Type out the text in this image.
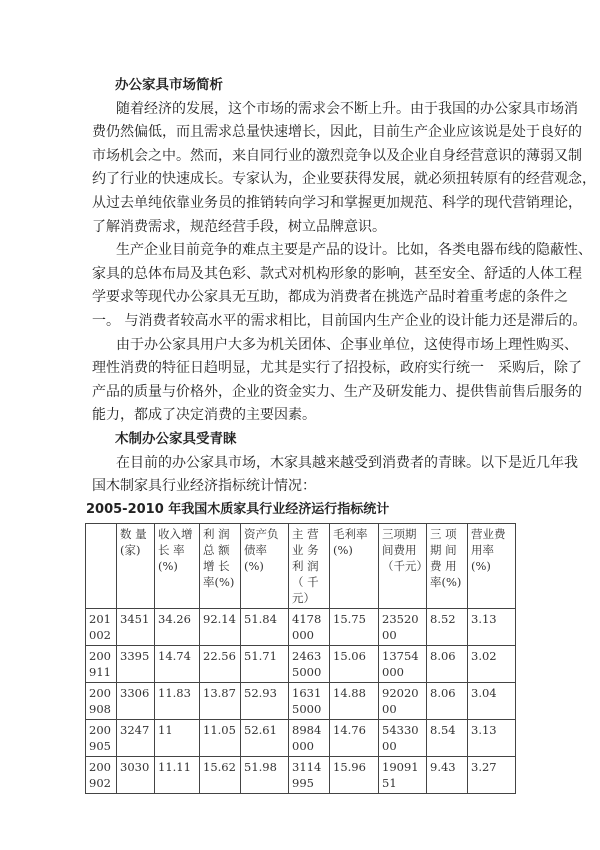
办公家具市场简析
随着经济的发展，这个市场的需求会不断上升。由于我国的办公家具市场消
费仍然偏低，而且需求总量快速增长，因此，目前生产企业应该说是处于良好的
市场机会之中。然而，来自同行业的激烈竞争以及企业自身经营意识的薄弱又制
约了行业的快速成长。专家认为，企业要获得发展，就必须扭转原有的经营观念，
从过去单纯依靠业务员的推销转向学习和掌握更加规范、科学的现代营销理论，
了解消费需求，规范经营手段，树立品牌意识。
生产企业目前竞争的难点主要是产品的设计。比如，各类电器布线的隐蔽性、
家具的总体布局及其色彩、款式对机构形象的影响，甚至安全、舒适的人体工程
学要求等现代办公家具无互助，都成为消费者在挑选产品时着重考虑的条件之
一。 与消费者较高水平的需求相比，目前国内生产企业的设计能力还是滞后的。
由于办公家具用户大多为机关团体、企事业单位，这使得市场上理性购买、
理性消费的特征日趋明显，尤其是实行了招投标，政府实行统一　采购后，除了
产品的质量与价格外，企业的资金实力、生产及研发能力、提供售前售后服务的
能力，都成了决定消费的主要因素。
木制办公家具受青睐
在目前的办公家具市场，木家具越来越受到消费者的青睐。以下是近几年我
国木制家具行业经济指标统计情况：
2005-2010 年我国木质家具行业经济运行指标统计
	数 量 (家)	收入增长 率 (%)	利 润 总 额 增 长 率(%)	资产负债率(%)	主 营 业 务 利 润 （ 千 元）	毛利率(%)	三项期间费用（千元）	三 项 期 间 费 用 率(%)	营业费用率(%)
201002	3451	34.26	92.14	51.84	4178000	15.75	2352000	8.52	3.13
200911	3395	14.74	22.56	51.71	24635000	15.06	13754000	8.06	3.02
200908	3306	11.83	13.87	52.93	16315000	14.88	9202000	8.06	3.04
200905	3247	11	11.05	52.61	8984000	14.76	5433000	8.54	3.13
200902	3030	11.11	15.62	51.98	3114995	15.96	1909151	9.43	3.27
